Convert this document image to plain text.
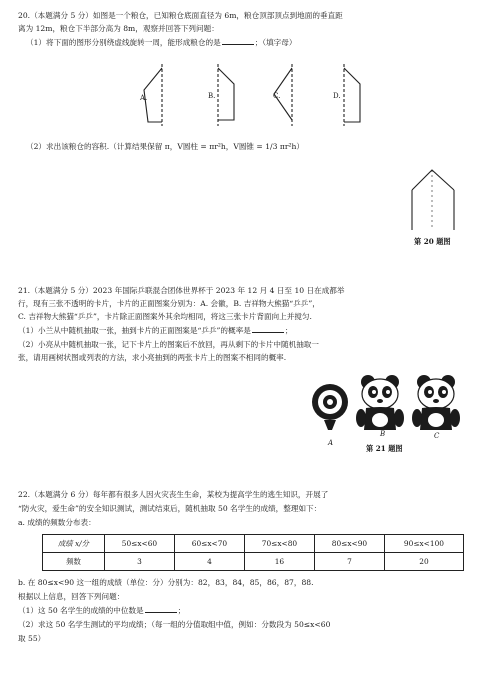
20.（本题满分 5 分）如图是一个粮仓，已知粮仓底面直径为 6m，粮仓顶部顶点到地面的垂直距
离为 12m，粮仓下半部分高为 8m，观察并回答下列问题：
（1）将下面的图形分别绕虚线旋转一周，能形成粮仓的是	；（填字母）
A.	B.	C.	D.
（2）求出该粮仓的容积.（计算结果保留 π，V圆柱 = πr²h，V圆锥 = 1/3 πr²h）
第 20 题图
21.（本题满分 5 分）2023 年国际乒联混合团体世界杯于 2023 年 12 月 4 日至 10 日在成都举
行，现有三张不透明的卡片，卡片的正面图案分别为：A. 会徽，B. 吉祥物大熊猫“乒乒”，
C. 吉祥物大熊猫“乒乒”，卡片除正面图案外其余均相同，将这三张卡片背面向上并搅匀.
（1）小兰从中随机抽取一张，抽到卡片的正面图案是“乒乒”的概率是	；
（2）小亮从中随机抽取一张，记下卡片上的图案后不放回，再从剩下的卡片中随机抽取一
张，请用画树状图或列表的方法，求小亮抽到的两张卡片上的图案不相同的概率.
A
B	C
第 21 题图
22.（本题满分 6 分）每年都有很多人因火灾丧生生命，某校为提高学生的逃生知识，开展了
“防火灾，爱生命”的安全知识测试，测试结束后，随机抽取 50 名学生的成绩，整理如下：
a. 成绩的频数分布表：
成绩 x/分	50≤x<60	60≤x<70	70≤x<80	80≤x<90	90≤x<100
频数	3	4	16	7	20
b. 在 80≤x<90 这一组的成绩（单位：分）分别为：82，83，84，85，86，87，88.
根据以上信息，回答下列问题：
（1）这 50 名学生的成绩的中位数是	；
（2）求这 50 名学生测试的平均成绩；（每一组的分值取组中值，例如：分数段为 50≤x<60
取 55）
